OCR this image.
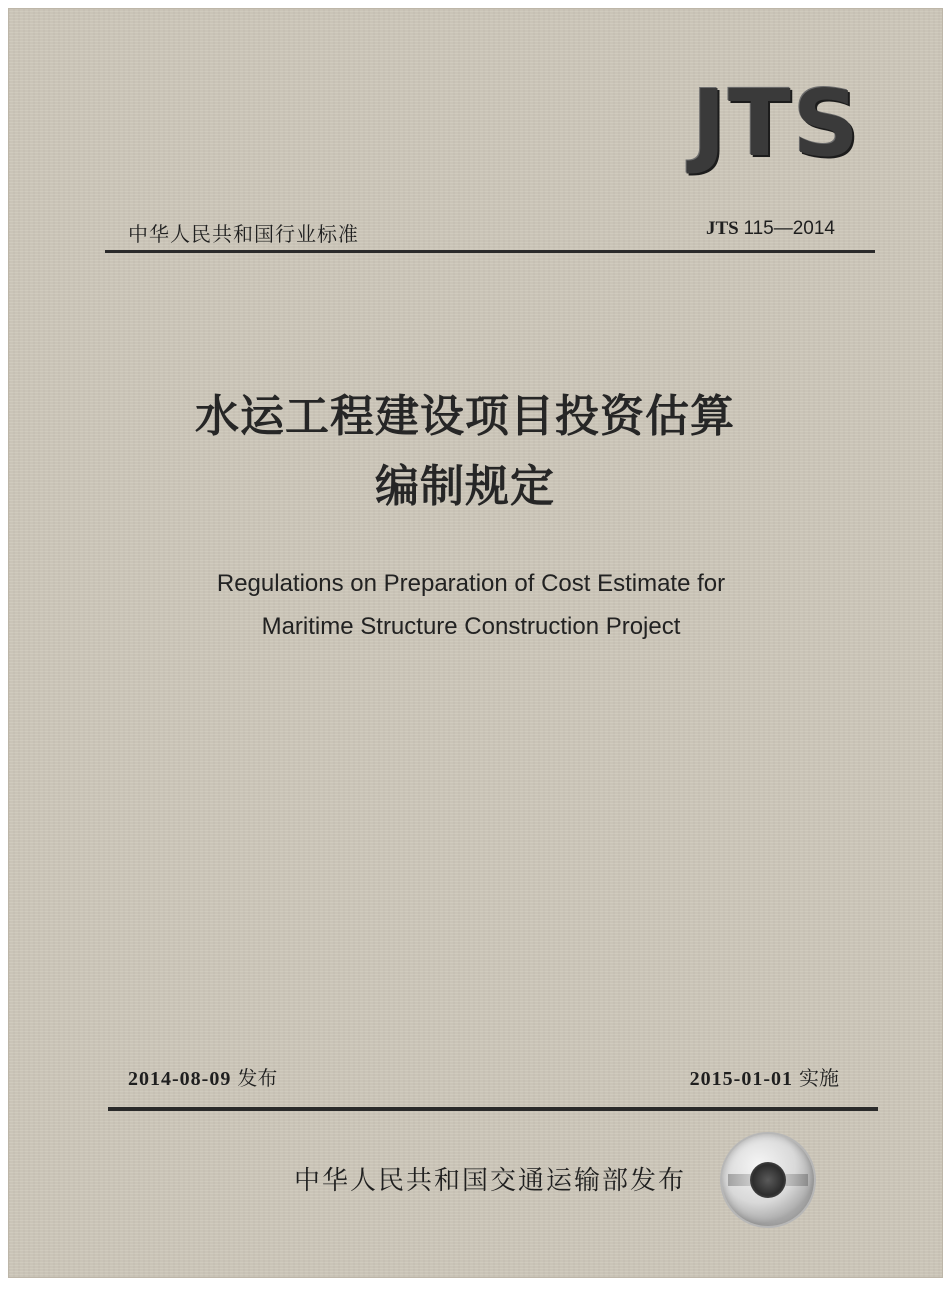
JTS
中华人民共和国行业标准	JTS 115—2014
水运工程建设项目投资估算
编制规定
Regulations on Preparation of Cost Estimate for
Maritime Structure Construction Project
2014-08-09 发布	2015-01-01 实施
中华人民共和国交通运输部发布
